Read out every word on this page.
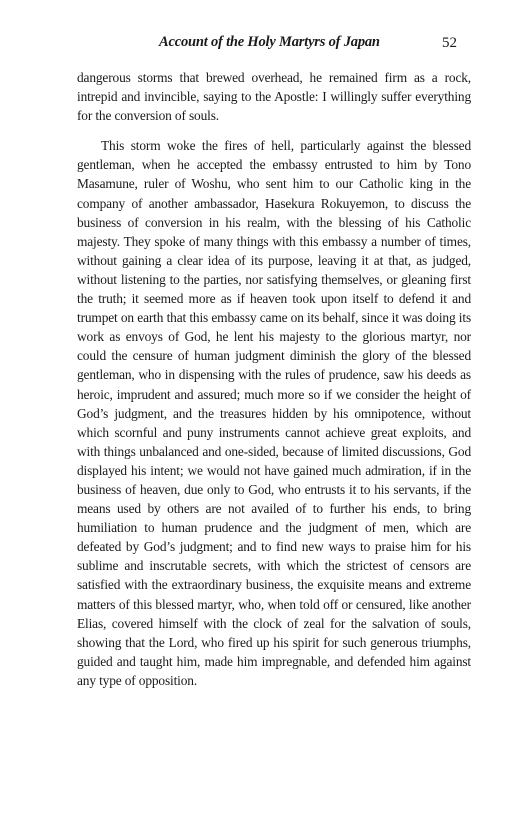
Account of the Holy Martyrs of Japan	52

dangerous storms that brewed overhead, he remained firm as a rock, intrepid and invincible, saying to the Apostle: I willingly suffer everything for the conversion of souls.

This storm woke the fires of hell, particularly against the blessed gentleman, when he accepted the embassy entrusted to him by Tono Masamune, ruler of Woshu, who sent him to our Catholic king in the company of another ambassador, Hasekura Rokuyemon, to discuss the business of conversion in his realm, with the blessing of his Catholic majesty. They spoke of many things with this embassy a number of times, without gaining a clear idea of its purpose, leaving it at that, as judged, without listening to the parties, nor satisfying themselves, or gleaning first the truth; it seemed more as if heaven took upon itself to defend it and trumpet on earth that this embassy came on its behalf, since it was doing its work as envoys of God, he lent his majesty to the glorious martyr, nor could the censure of human judgment diminish the glory of the blessed gentleman, who in dispensing with the rules of prudence, saw his deeds as heroic, imprudent and assured; much more so if we consider the height of God’s judgment, and the treasures hidden by his omnipotence, without which scornful and puny instruments cannot achieve great exploits, and with things unbalanced and one-sided, because of limited discussions, God displayed his intent; we would not have gained much admiration, if in the business of heaven, due only to God, who entrusts it to his servants, if the means used by others are not availed of to further his ends, to bring humiliation to human prudence and the judgment of men, which are defeated by God’s judgment; and to find new ways to praise him for his sublime and inscrutable secrets, with which the strictest of censors are satisfied with the extraordinary business, the exquisite means and extreme matters of this blessed martyr, who, when told off or censured, like another Elias, covered himself with the clock of zeal for the salvation of souls, showing that the Lord, who fired up his spirit for such generous triumphs, guided and taught him, made him impregnable, and defended him against any type of opposition.
